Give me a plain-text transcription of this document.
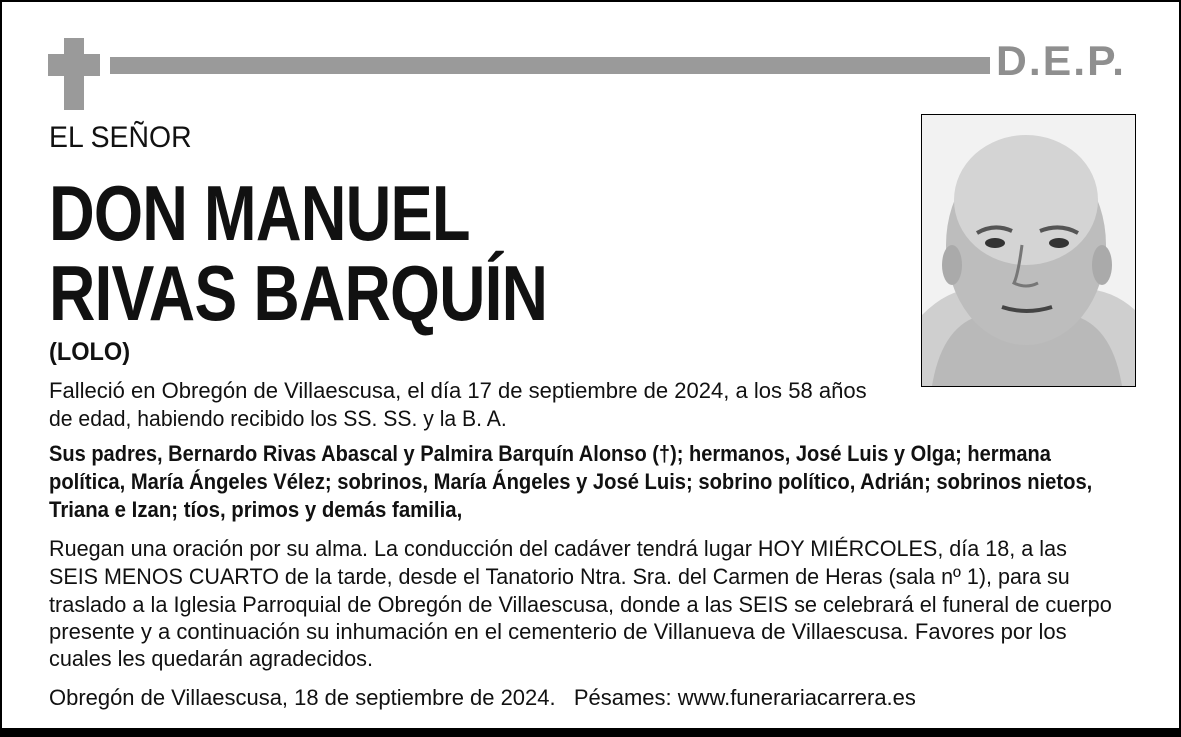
D.E.P.
EL SEÑOR
DON MANUEL
RIVAS BARQUÍN
(LOLO)
Falleció en Obregón de Villaescusa, el día 17 de septiembre de 2024, a los 58 años
de edad, habiendo recibido los SS. SS. y la B. A.
Sus padres, Bernardo Rivas Abascal y Palmira Barquín Alonso (†); hermanos, José Luis y Olga; hermana
política, María Ángeles Vélez; sobrinos, María Ángeles y José Luis; sobrino político, Adrián; sobrinos nietos,
Triana e Izan; tíos, primos y demás familia,
Ruegan una oración por su alma. La conducción del cadáver tendrá lugar HOY MIÉRCOLES, día 18, a las
SEIS MENOS CUARTO de la tarde, desde el Tanatorio Ntra. Sra. del Carmen de Heras (sala nº 1), para su
traslado a la Iglesia Parroquial de Obregón de Villaescusa, donde a las SEIS se celebrará el funeral de cuerpo
presente y a continuación su inhumación en el cementerio de Villanueva de Villaescusa. Favores por los
cuales les quedarán agradecidos.
Obregón de Villaescusa, 18 de septiembre de 2024.   Pésames: www.funerariacarrera.es
